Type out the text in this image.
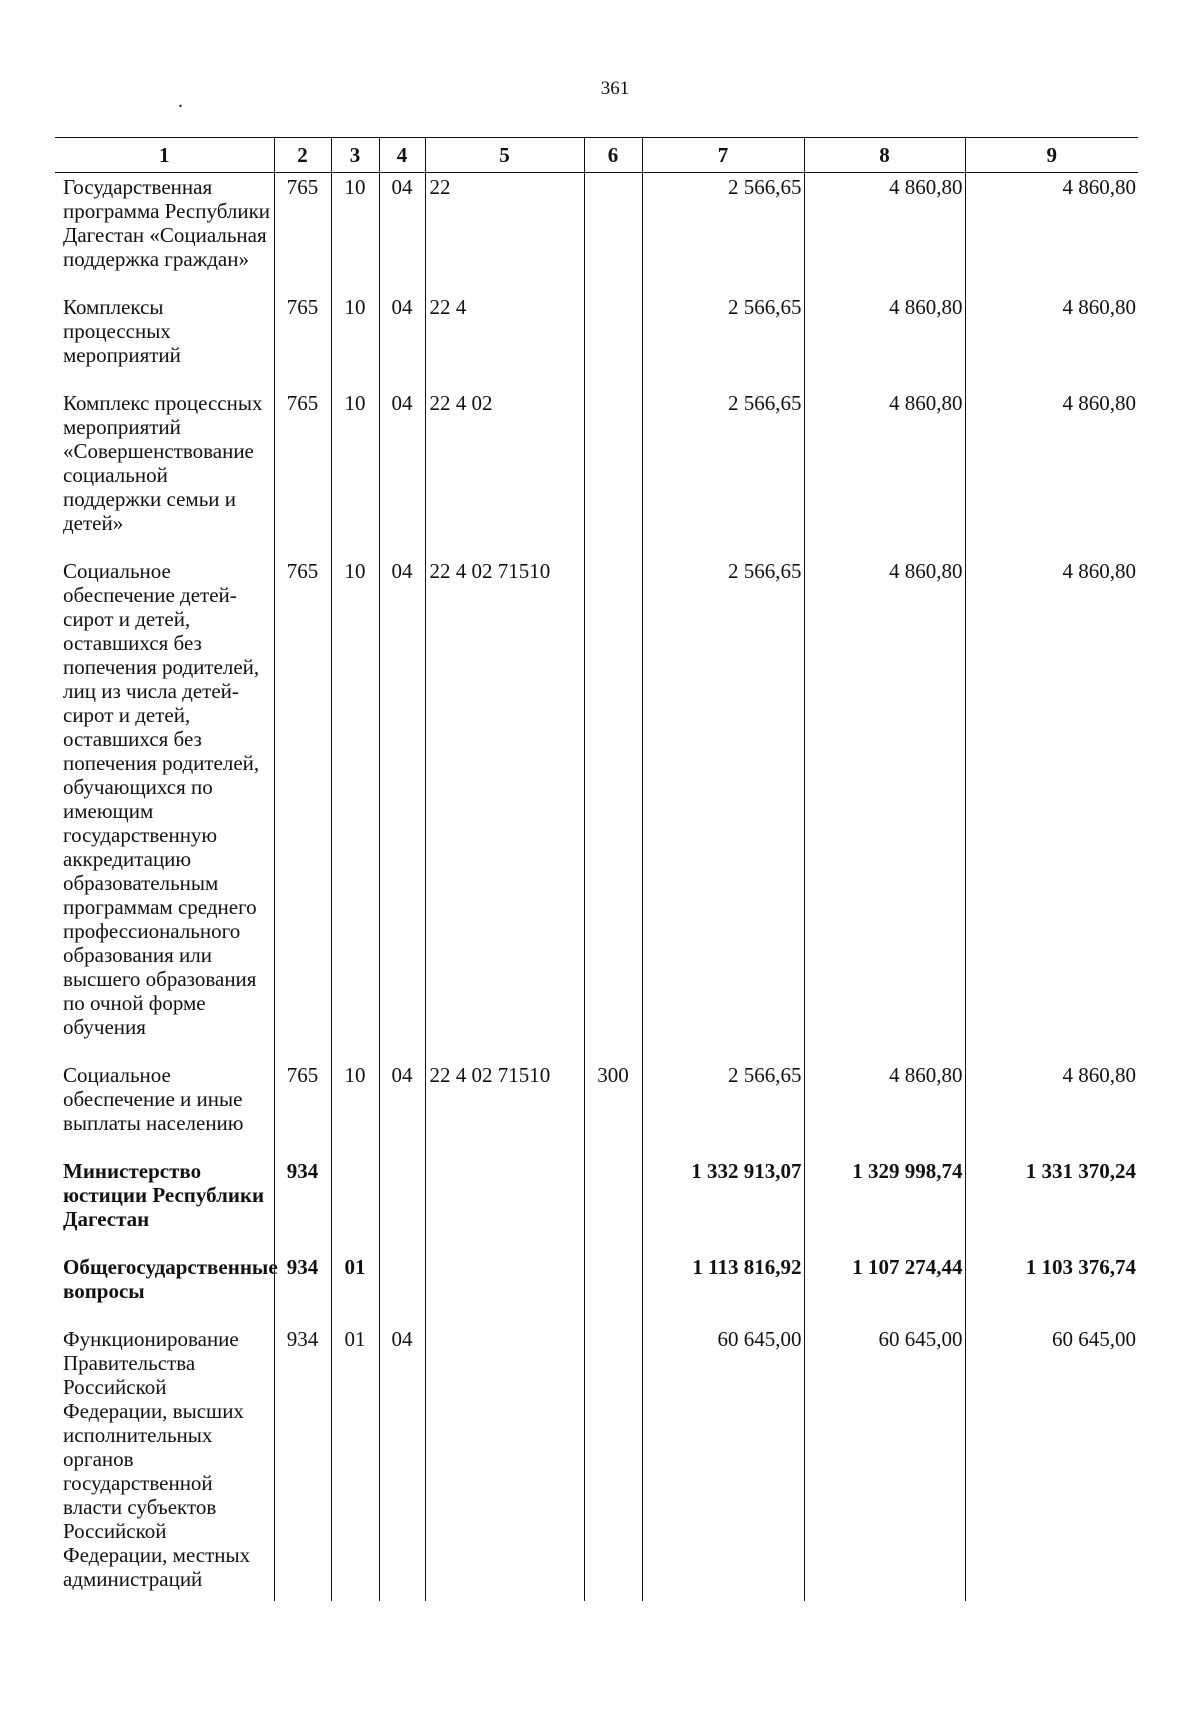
361
.
1	2	3	4	5	6	7	8	9
Государственная программа Республики Дагестан «Социальная поддержка граждан»	765	10	04	22		2 566,65	4 860,80	4 860,80
Комплексы процессных мероприятий	765	10	04	22 4		2 566,65	4 860,80	4 860,80
Комплекс процессных мероприятий «Совершенствование социальной поддержки семьи и детей»	765	10	04	22 4 02		2 566,65	4 860,80	4 860,80
Социальное обеспечение детей-сирот и детей, оставшихся без попечения родителей, лиц из числа детей-сирот и детей, оставшихся без попечения родителей, обучающихся по имеющим государственную аккредитацию образовательным программам среднего профессионального образования или высшего образования по очной форме обучения	765	10	04	22 4 02 71510		2 566,65	4 860,80	4 860,80
Социальное обеспечение и иные выплаты населению	765	10	04	22 4 02 71510	300	2 566,65	4 860,80	4 860,80
Министерство юстиции Республики Дагестан	934					1 332 913,07	1 329 998,74	1 331 370,24
Общегосударственные вопросы	934	01				1 113 816,92	1 107 274,44	1 103 376,74
Функционирование Правительства Российской Федерации, высших исполнительных органов государственной власти субъектов Российской Федерации, местных администраций	934	01	04			60 645,00	60 645,00	60 645,00
